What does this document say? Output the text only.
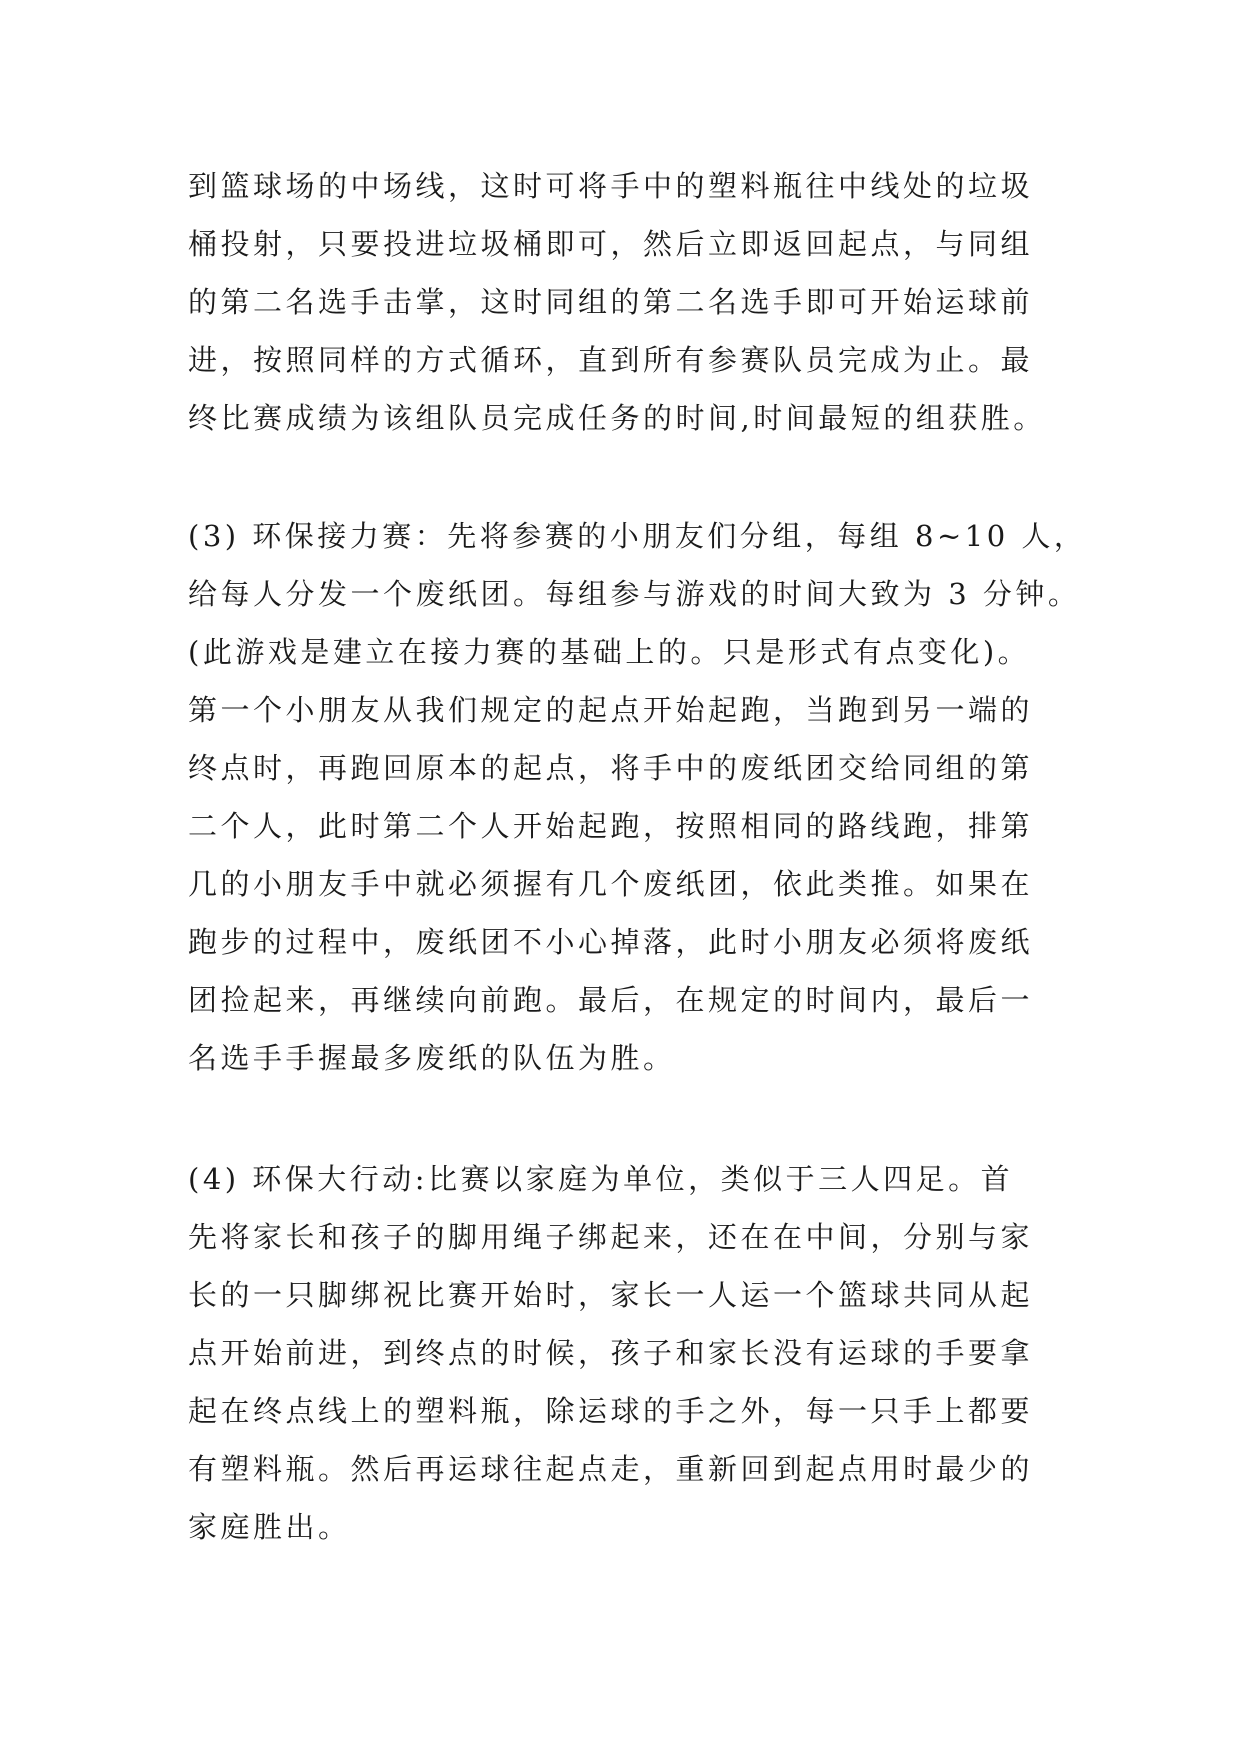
到篮球场的中场线，这时可将手中的塑料瓶往中线处的垃圾
桶投射，只要投进垃圾桶即可，然后立即返回起点，与同组
的第二名选手击掌，这时同组的第二名选手即可开始运球前
进，按照同样的方式循环，直到所有参赛队员完成为止。最
终比赛成绩为该组队员完成任务的时间,时间最短的组获胜。
(3) 环保接力赛：先将参赛的小朋友们分组，每组 8~10 人，
给每人分发一个废纸团。每组参与游戏的时间大致为 3 分钟。
(此游戏是建立在接力赛的基础上的。只是形式有点变化)。
第一个小朋友从我们规定的起点开始起跑，当跑到另一端的
终点时，再跑回原本的起点，将手中的废纸团交给同组的第
二个人，此时第二个人开始起跑，按照相同的路线跑，排第
几的小朋友手中就必须握有几个废纸团，依此类推。如果在
跑步的过程中，废纸团不小心掉落，此时小朋友必须将废纸
团捡起来，再继续向前跑。最后，在规定的时间内，最后一
名选手手握最多废纸的队伍为胜。
(4) 环保大行动:比赛以家庭为单位，类似于三人四足。首
先将家长和孩子的脚用绳子绑起来，还在在中间，分别与家
长的一只脚绑祝比赛开始时，家长一人运一个篮球共同从起
点开始前进，到终点的时候，孩子和家长没有运球的手要拿
起在终点线上的塑料瓶，除运球的手之外，每一只手上都要
有塑料瓶。然后再运球往起点走，重新回到起点用时最少的
家庭胜出。
